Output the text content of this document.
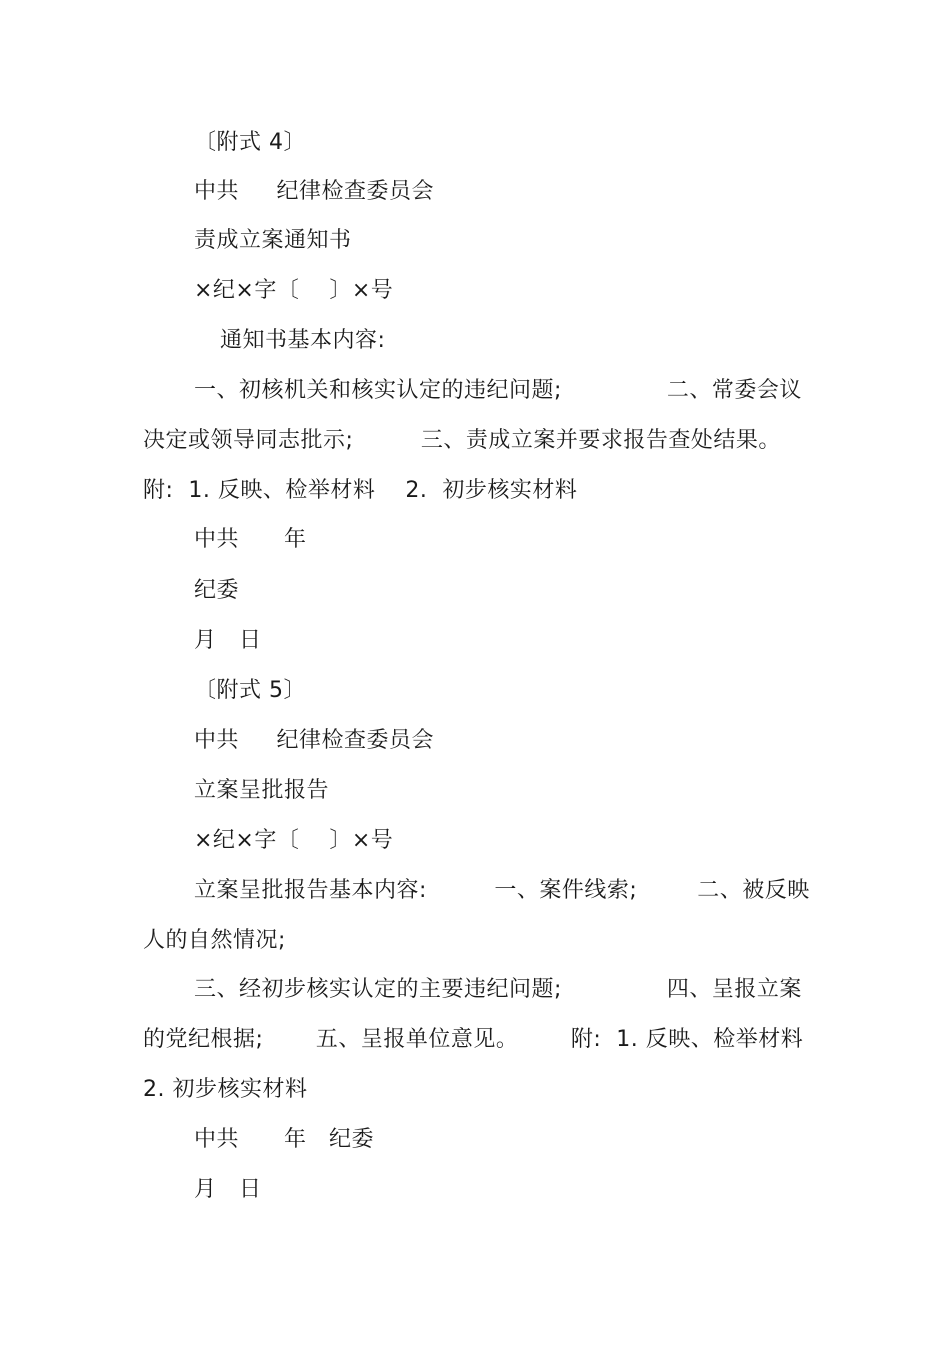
〔附式 4〕
中共     纪律检查委员会
责成立案通知书
×纪×字〔    〕×号
通知书基本内容:
一、初核机关和核实认定的违纪问题;              二、常委会议
决定或领导同志批示;         三、责成立案并要求报告查处结果。
附:  1. 反映、检举材料    2.  初步核实材料
中共      年
纪委
月   日
〔附式 5〕
中共     纪律检查委员会
立案呈批报告
×纪×字〔    〕×号
立案呈批报告基本内容:         一、案件线索;        二、被反映
人的自然情况;
三、经初步核实认定的主要违纪问题;              四、呈报立案
的党纪根据;       五、呈报单位意见。       附:  1. 反映、检举材料
2. 初步核实材料
中共      年   纪委
月   日
